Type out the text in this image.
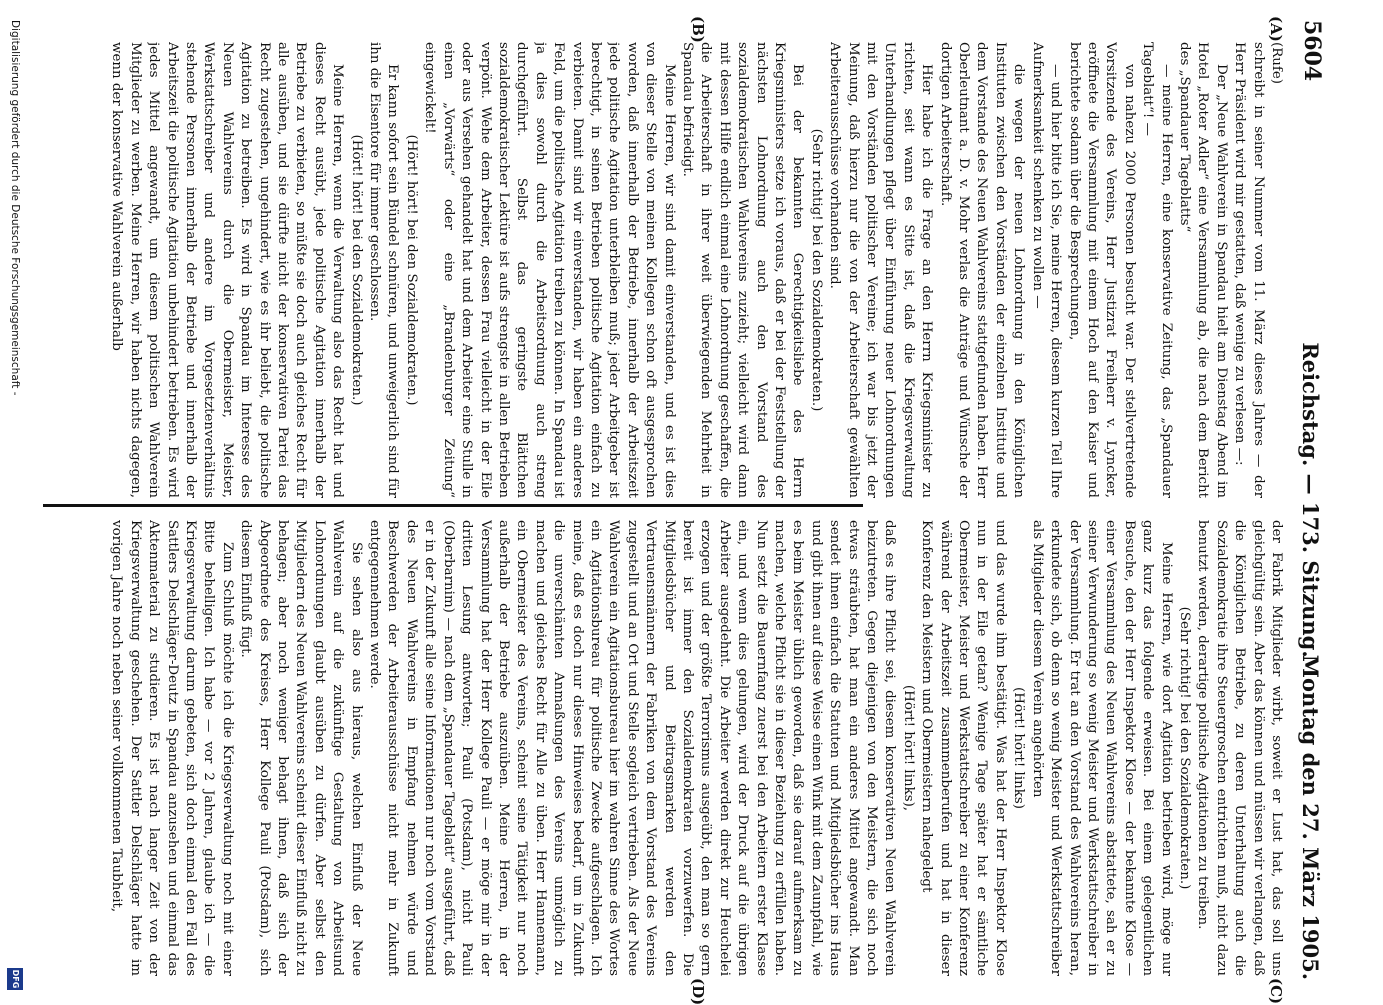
5604
Reichstag. — 173. Sitzung.
Montag den 27. März 1905.
(A)
(B)
(C)
(D)

(Rufe)

schreibt in seiner Nummer vom 11. März dieses Jahres — der Herr Präsident wird mir gestatten, daß wenige zu verlesen —:

Der „Neue Wahlverein in Spandau hielt am Dienstag Abend im Hotel „Roter Adler“ eine Versammlung ab, die nach dem Bericht des „Spandauer Tageblatts“

— meine Herren, eine konservative Zeitung, das „Spandauer Tageblatt“! —

von nahezu 2000 Personen besucht war. Der stellvertretende Vorsitzende des Vereins, Herr Justizrat Freiherr v. Lyncker, eröffnete die Versammlung mit einem Hoch auf den Kaiser und berichtete sodann über die Besprechungen,

— und hier bitte ich Sie, meine Herren, diesem kurzen Teil Ihre Aufmerksamkeit schenken zu wollen —

die wegen der neuen Lohnordnung in den Königlichen Instituten zwischen den Vorständen der einzelnen Institute und dem Vorstande des Neuen Wahlvereins stattgefunden haben. Herr Oberleutnant a. D. v. Mohr verlas die Anträge und Wünsche der dortigen Arbeiterschaft.

Hier habe ich die Frage an den Herrn Kriegsminister zu richten, seit wann es Sitte ist, daß die Kriegsverwaltung Unterhandlungen pflegt über Einführung neuer Lohnordnungen mit den Vorständen politischer Vereine; ich war bis jetzt der Meinung, daß hierzu nur die von der Arbeiterschaft gewählten Arbeiterausschüsse vorhanden sind.

(Sehr richtig! bei den Sozialdemokraten.)

Bei der bekannten Gerechtigkeitsliebe des Herrn Kriegsministers setze ich voraus, daß er bei der Feststellung der nächsten Lohnordnung auch den Vorstand des sozialdemokratischen Wahlvereins zuzieht; vielleicht wird dann mit dessen Hilfe endlich einmal eine Lohnordnung geschaffen, die die Arbeiterschaft in ihrer weit überwiegenden Mehrheit in Spandau befriedigt.

Meine Herren, wir sind damit einverstanden, und es ist dies von dieser Stelle von meinen Kollegen schon oft ausgesprochen worden, daß innerhalb der Betriebe, innerhalb der Arbeitszeit jede politische Agitation unterbleiben muß; jeder Arbeitgeber ist berechtigt, in seinen Betrieben politische Agitation einfach zu verbieten. Damit sind wir einverstanden, wir haben ein anderes Feld, um die politische Agitation treiben zu können. In Spandau ist ja dies sowohl durch die Arbeitsordnung auch streng durchgeführt. Selbst das geringste Blättchen sozialdemokratischer Lektüre ist aufs strengste in allen Betrieben verpönt. Wehe dem Arbeiter, dessen Frau vielleicht in der Eile oder aus Versehen gehandelt hat und dem Arbeiter eine Stulle in einen „Vorwärts“ oder eine „Brandenburger Zeitung“ eingewickelt!

(Hört! hört! bei den Sozialdemokraten.)

Er kann sofort sein Bündel schnüren, und unweigerlich sind für ihn die Eisentore für immer geschlossen.

(Hört! hört! bei den Sozialdemokraten.)

Meine Herren, wenn die Verwaltung also das Recht hat und dieses Recht ausübt, jede politische Agitation innerhalb der Betriebe zu verbieten, so müßte sie doch auch gleiches Recht für alle ausüben, und sie dürfte nicht der konservativen Partei das Recht zugestehen, ungehindert, wie es ihr beliebt, die politische Agitation zu betreiben. Es wird in Spandau im Interesse des Neuen Wahlvereins durch die Obermeister, Meister, Werkstattschreiber und andere im Vorgesetztenverhältnis stehende Personen innerhalb der Betriebe und innerhalb der Arbeitszeit die politische Agitation unbehindert betrieben. Es wird jedes Mittel angewandt, um diesem politischen Wahlverein Mitglieder zu werben. Meine Herren, wir haben nichts dagegen, wenn der konservative Wahlverein außerhalb

der Fabrik Mitglieder wirbt, soweit er Lust hat, das soll uns gleichgültig sein. Aber das können und müssen wir verlangen, daß die Königlichen Betriebe, zu deren Unterhaltung auch die Sozialdemokratie ihre Steuergroschen entrichten muß, nicht dazu benutzt werden, derartige politische Agitationen zu treiben.

(Sehr richtig! bei den Sozialdemokraten.)

Meine Herren, wie dort Agitation betrieben wird, möge nur ganz kurz das folgende erweisen. Bei einem gelegentlichen Besuche, den der Herr Inspektor Klose — der bekannte Klose — einer Versammlung des Neuen Wahlvereins abstattete, sah er zu seiner Verwunderung so wenig Meister und Werkstattschreiber in der Versammlung. Er trat an den Vorstand des Wahlvereins heran, erkundete sich, ob denn so wenig Meister und Werkstattschreiber als Mitglieder diesem Verein angehörten

(Hört! hört! links)

und das wurde ihm bestätigt. Was hat der Herr Inspektor Klose nun in der Eile getan? Wenige Tage später hat er sämtliche Obermeister, Meister und Werkstattschreiber zu einer Konferenz während der Arbeitszeit zusammenberufen und hat in dieser Konferenz den Meistern und Obermeistern nahegelegt

(Hört! hört! links),

daß es ihre Pflicht sei, diesem konservativen Neuen Wahlverein beizutreten. Gegen diejenigen von den Meistern, die sich noch etwas sträubten, hat man ein anderes Mittel angewandt. Man sendet ihnen einfach die Statuten und Mitgliedsbücher ins Haus und gibt ihnen auf diese Weise einen Wink mit dem Zaunpfahl, wie es beim Meister üblich geworden, daß sie darauf aufmerksam zu machen, welche Pflicht sie in dieser Beziehung zu erfüllen haben. Nun setzt die Bauernfang zuerst bei den Arbeitern erster Klasse ein, und wenn dies gelungen, wird der Druck auf die übrigen Arbeiter ausgedehnt. Die Arbeiter werden direkt zur Heuchelei erzogen und der größte Terrorismus ausgeübt, den man so gern bereit ist immer den Sozialdemokraten vorzuwerfen. Die Mitgliedsbücher und Beitragsmarken werden den Vertrauensmännern der Fabriken von dem Vorstand des Vereins zugestellt und an Ort und Stelle sogleich vertrieben. Als der Neue Wahlverein ein Agitationsbureau hier im wahren Sinne des Wortes ein Agitationsbureau für politische Zwecke aufgeschlagen. Ich meine, daß es doch nur dieses Hinweises bedarf, um in Zukunft die unverschämten Anmaßungen des Vereins unmöglich zu machen und gleiches Recht für Alle zu üben. Herr Hannemann, ein Obermeister des Vereins, scheint seine Tätigkeit nur noch außerhalb der Betriebe auszuüben. Meine Herren, in der Versammlung hat der Herr Kollege Pauli — er möge mir in der dritten Lesung antworten; Pauli (Potsdam), nicht Pauli (Oberbarnim) — nach dem „Spandauer Tageblatt“ ausgeführt, daß er in der Zukunft alle seine Informationen nur noch vom Vorstand des Neuen Wahlvereins in Empfang nehmen würde und Beschwerden der Arbeiterausschüsse nicht mehr in Zukunft entgegennehmen werde.

Sie sehen also aus hieraus, welchen Einfluß der Neue Wahlverein auf die zukünftige Gestaltung von Arbeitsund Lohnordnungen glaubt ausüben zu dürfen. Aber selbst den Mitgliedern des Neuen Wahlvereins scheint dieser Einfluß nicht zu behagen; aber noch weniger behagt ihnen, daß sich der Abgeordnete des Kreises, Herr Kollege Pauli (Potsdam), sich diesem Einfluß fügt.

Zum Schluß möchte ich die Kriegsverwaltung noch mit einer Bitte behelligen. Ich habe — vor 2 Jahren, glaube ich — die Kriegsverwaltung darum gebeten, sich doch einmal den Fall des Sattlers Delschläger-Deutz in Spandau anzusehen und einmal das Aktenmaterial zu studieren. Es ist nach langer Zeit von der Kriegsverwaltung geschehen. Der Sattler Delschläger hatte im vorigen Jahre noch neben seiner vollkommenen Taubheit,

Digitalisierung gefördert durch die Deutsche Forschungsgemeinschaft -
DFG
